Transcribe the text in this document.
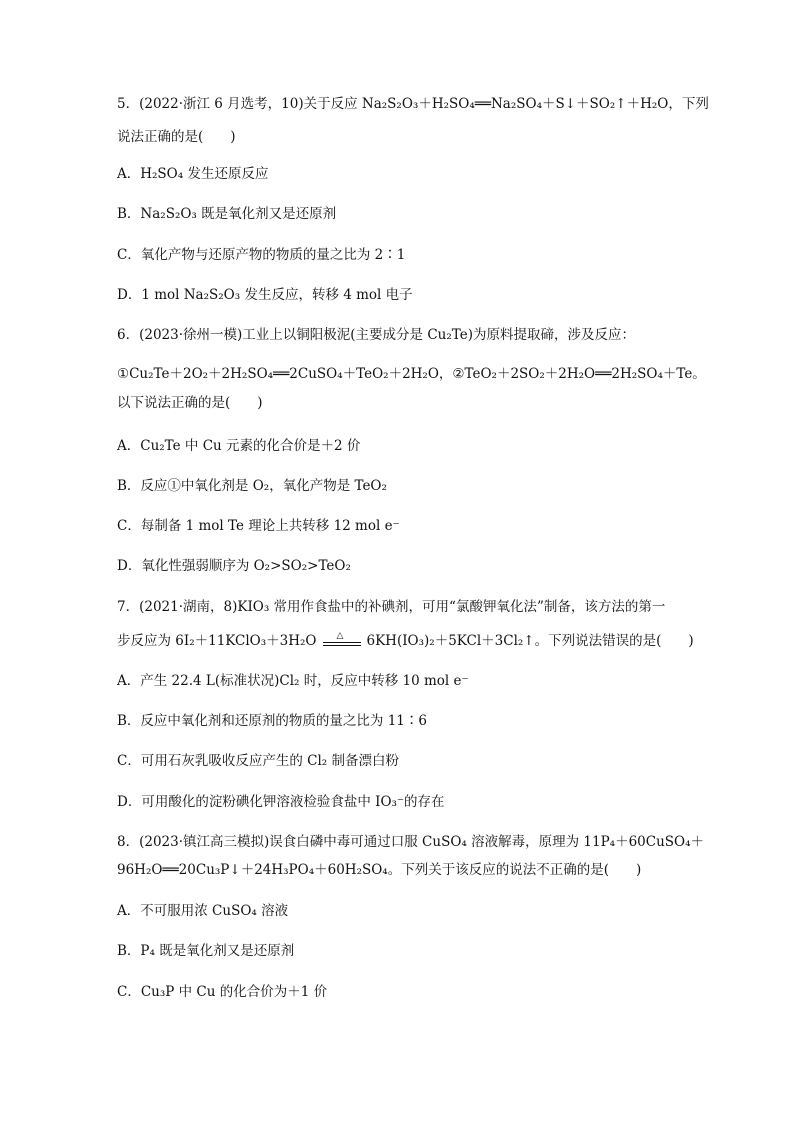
5．(2022·浙江 6 月选考，10)关于反应 Na₂S₂O₃＋H₂SO₄══Na₂SO₄＋S↓＋SO₂↑＋H₂O，下列
说法正确的是(　　)
A．H₂SO₄ 发生还原反应
B．Na₂S₂O₃ 既是氧化剂又是还原剂
C．氧化产物与还原产物的物质的量之比为 2∶1
D．1 mol Na₂S₂O₃ 发生反应，转移 4 mol 电子
6．(2023·徐州一模)工业上以铜阳极泥(主要成分是 Cu₂Te)为原料提取碲，涉及反应：
①Cu₂Te＋2O₂＋2H₂SO₄══2CuSO₄＋TeO₂＋2H₂O，②TeO₂＋2SO₂＋2H₂O══2H₂SO₄＋Te。
以下说法正确的是(　　)
A．Cu₂Te 中 Cu 元素的化合价是＋2 价
B．反应①中氧化剂是 O₂，氧化产物是 TeO₂
C．每制备 1 mol Te 理论上共转移 12 mol e⁻
D．氧化性强弱顺序为 O₂>SO₂>TeO₂
7．(2021·湖南，8)KIO₃ 常用作食盐中的补碘剂，可用“氯酸钾氧化法”制备，该方法的第一
步反应为 6I₂＋11KClO₃＋3H₂O △ 6KH(IO₃)₂＋5KCl＋3Cl₂↑。下列说法错误的是(　　)
A．产生 22.4 L(标准状况)Cl₂ 时，反应中转移 10 mol e⁻
B．反应中氧化剂和还原剂的物质的量之比为 11∶6
C．可用石灰乳吸收反应产生的 Cl₂ 制备漂白粉
D．可用酸化的淀粉碘化钾溶液检验食盐中 IO₃⁻的存在
8．(2023·镇江高三模拟)误食白磷中毒可通过口服 CuSO₄ 溶液解毒，原理为 11P₄＋60CuSO₄＋
96H₂O══20Cu₃P↓＋24H₃PO₄＋60H₂SO₄。下列关于该反应的说法不正确的是(　　)
A．不可服用浓 CuSO₄ 溶液
B．P₄ 既是氧化剂又是还原剂
C．Cu₃P 中 Cu 的化合价为＋1 价
